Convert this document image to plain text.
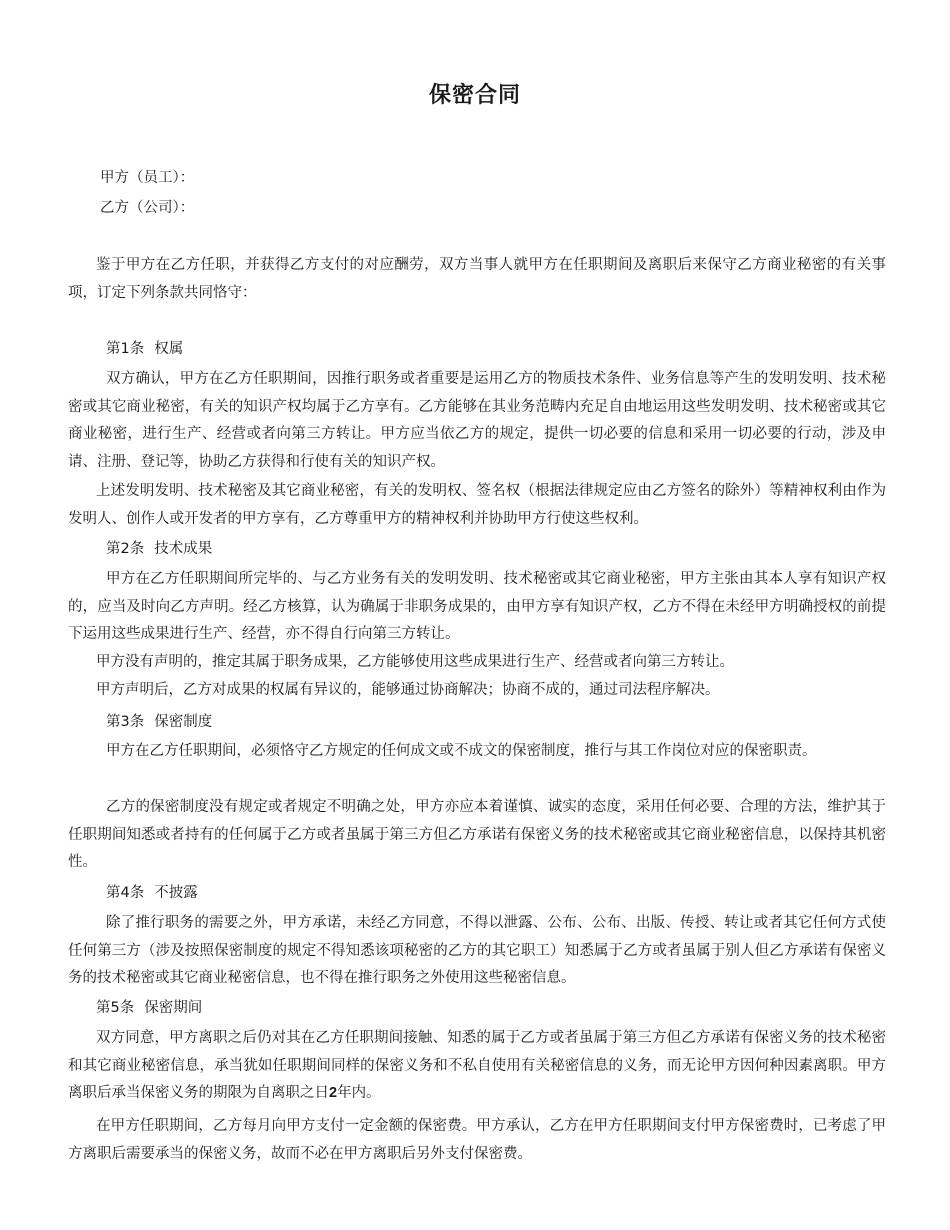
保密合同
甲方（员工）：
乙方（公司）：
鉴于甲方在乙方任职，并获得乙方支付的对应酬劳，双方当事人就甲方在任职期间及离职后来保守乙方商业秘密的有关事项，订定下列条款共同恪守：
第1条 权属
双方确认，甲方在乙方任职期间，因推行职务或者重要是运用乙方的物质技术条件、业务信息等产生的发明发明、技术秘密或其它商业秘密，有关的知识产权均属于乙方享有。乙方能够在其业务范畴内充足自由地运用这些发明发明、技术秘密或其它商业秘密，进行生产、经营或者向第三方转让。甲方应当依乙方的规定，提供一切必要的信息和采用一切必要的行动，涉及申请、注册、登记等，协助乙方获得和行使有关的知识产权。
上述发明发明、技术秘密及其它商业秘密，有关的发明权、签名权（根据法律规定应由乙方签名的除外）等精神权利由作为发明人、创作人或开发者的甲方享有，乙方尊重甲方的精神权利并协助甲方行使这些权利。
第2条 技术成果
甲方在乙方任职期间所完毕的、与乙方业务有关的发明发明、技术秘密或其它商业秘密，甲方主张由其本人享有知识产权的，应当及时向乙方声明。经乙方核算，认为确属于非职务成果的，由甲方享有知识产权，乙方不得在未经甲方明确授权的前提下运用这些成果进行生产、经营，亦不得自行向第三方转让。
甲方没有声明的，推定其属于职务成果，乙方能够使用这些成果进行生产、经营或者向第三方转让。
甲方声明后，乙方对成果的权属有异议的，能够通过协商解决；协商不成的，通过司法程序解决。
第3条 保密制度
甲方在乙方任职期间，必须恪守乙方规定的任何成文或不成文的保密制度，推行与其工作岗位对应的保密职责。
乙方的保密制度没有规定或者规定不明确之处，甲方亦应本着谨慎、诚实的态度，采用任何必要、合理的方法，维护其于任职期间知悉或者持有的任何属于乙方或者虽属于第三方但乙方承诺有保密义务的技术秘密或其它商业秘密信息，以保持其机密性。
第4条 不披露
除了推行职务的需要之外，甲方承诺，未经乙方同意，不得以泄露、公布、公布、出版、传授、转让或者其它任何方式使任何第三方（涉及按照保密制度的规定不得知悉该项秘密的乙方的其它职工）知悉属于乙方或者虽属于别人但乙方承诺有保密义务的技术秘密或其它商业秘密信息，也不得在推行职务之外使用这些秘密信息。
第5条 保密期间
双方同意，甲方离职之后仍对其在乙方任职期间接触、知悉的属于乙方或者虽属于第三方但乙方承诺有保密义务的技术秘密和其它商业秘密信息，承当犹如任职期间同样的保密义务和不私自使用有关秘密信息的义务，而无论甲方因何种因素离职。甲方离职后承当保密义务的期限为自离职之日2年内。
在甲方任职期间，乙方每月向甲方支付一定金额的保密费。甲方承认，乙方在甲方任职期间支付甲方保密费时，已考虑了甲方离职后需要承当的保密义务，故而不必在甲方离职后另外支付保密费。
